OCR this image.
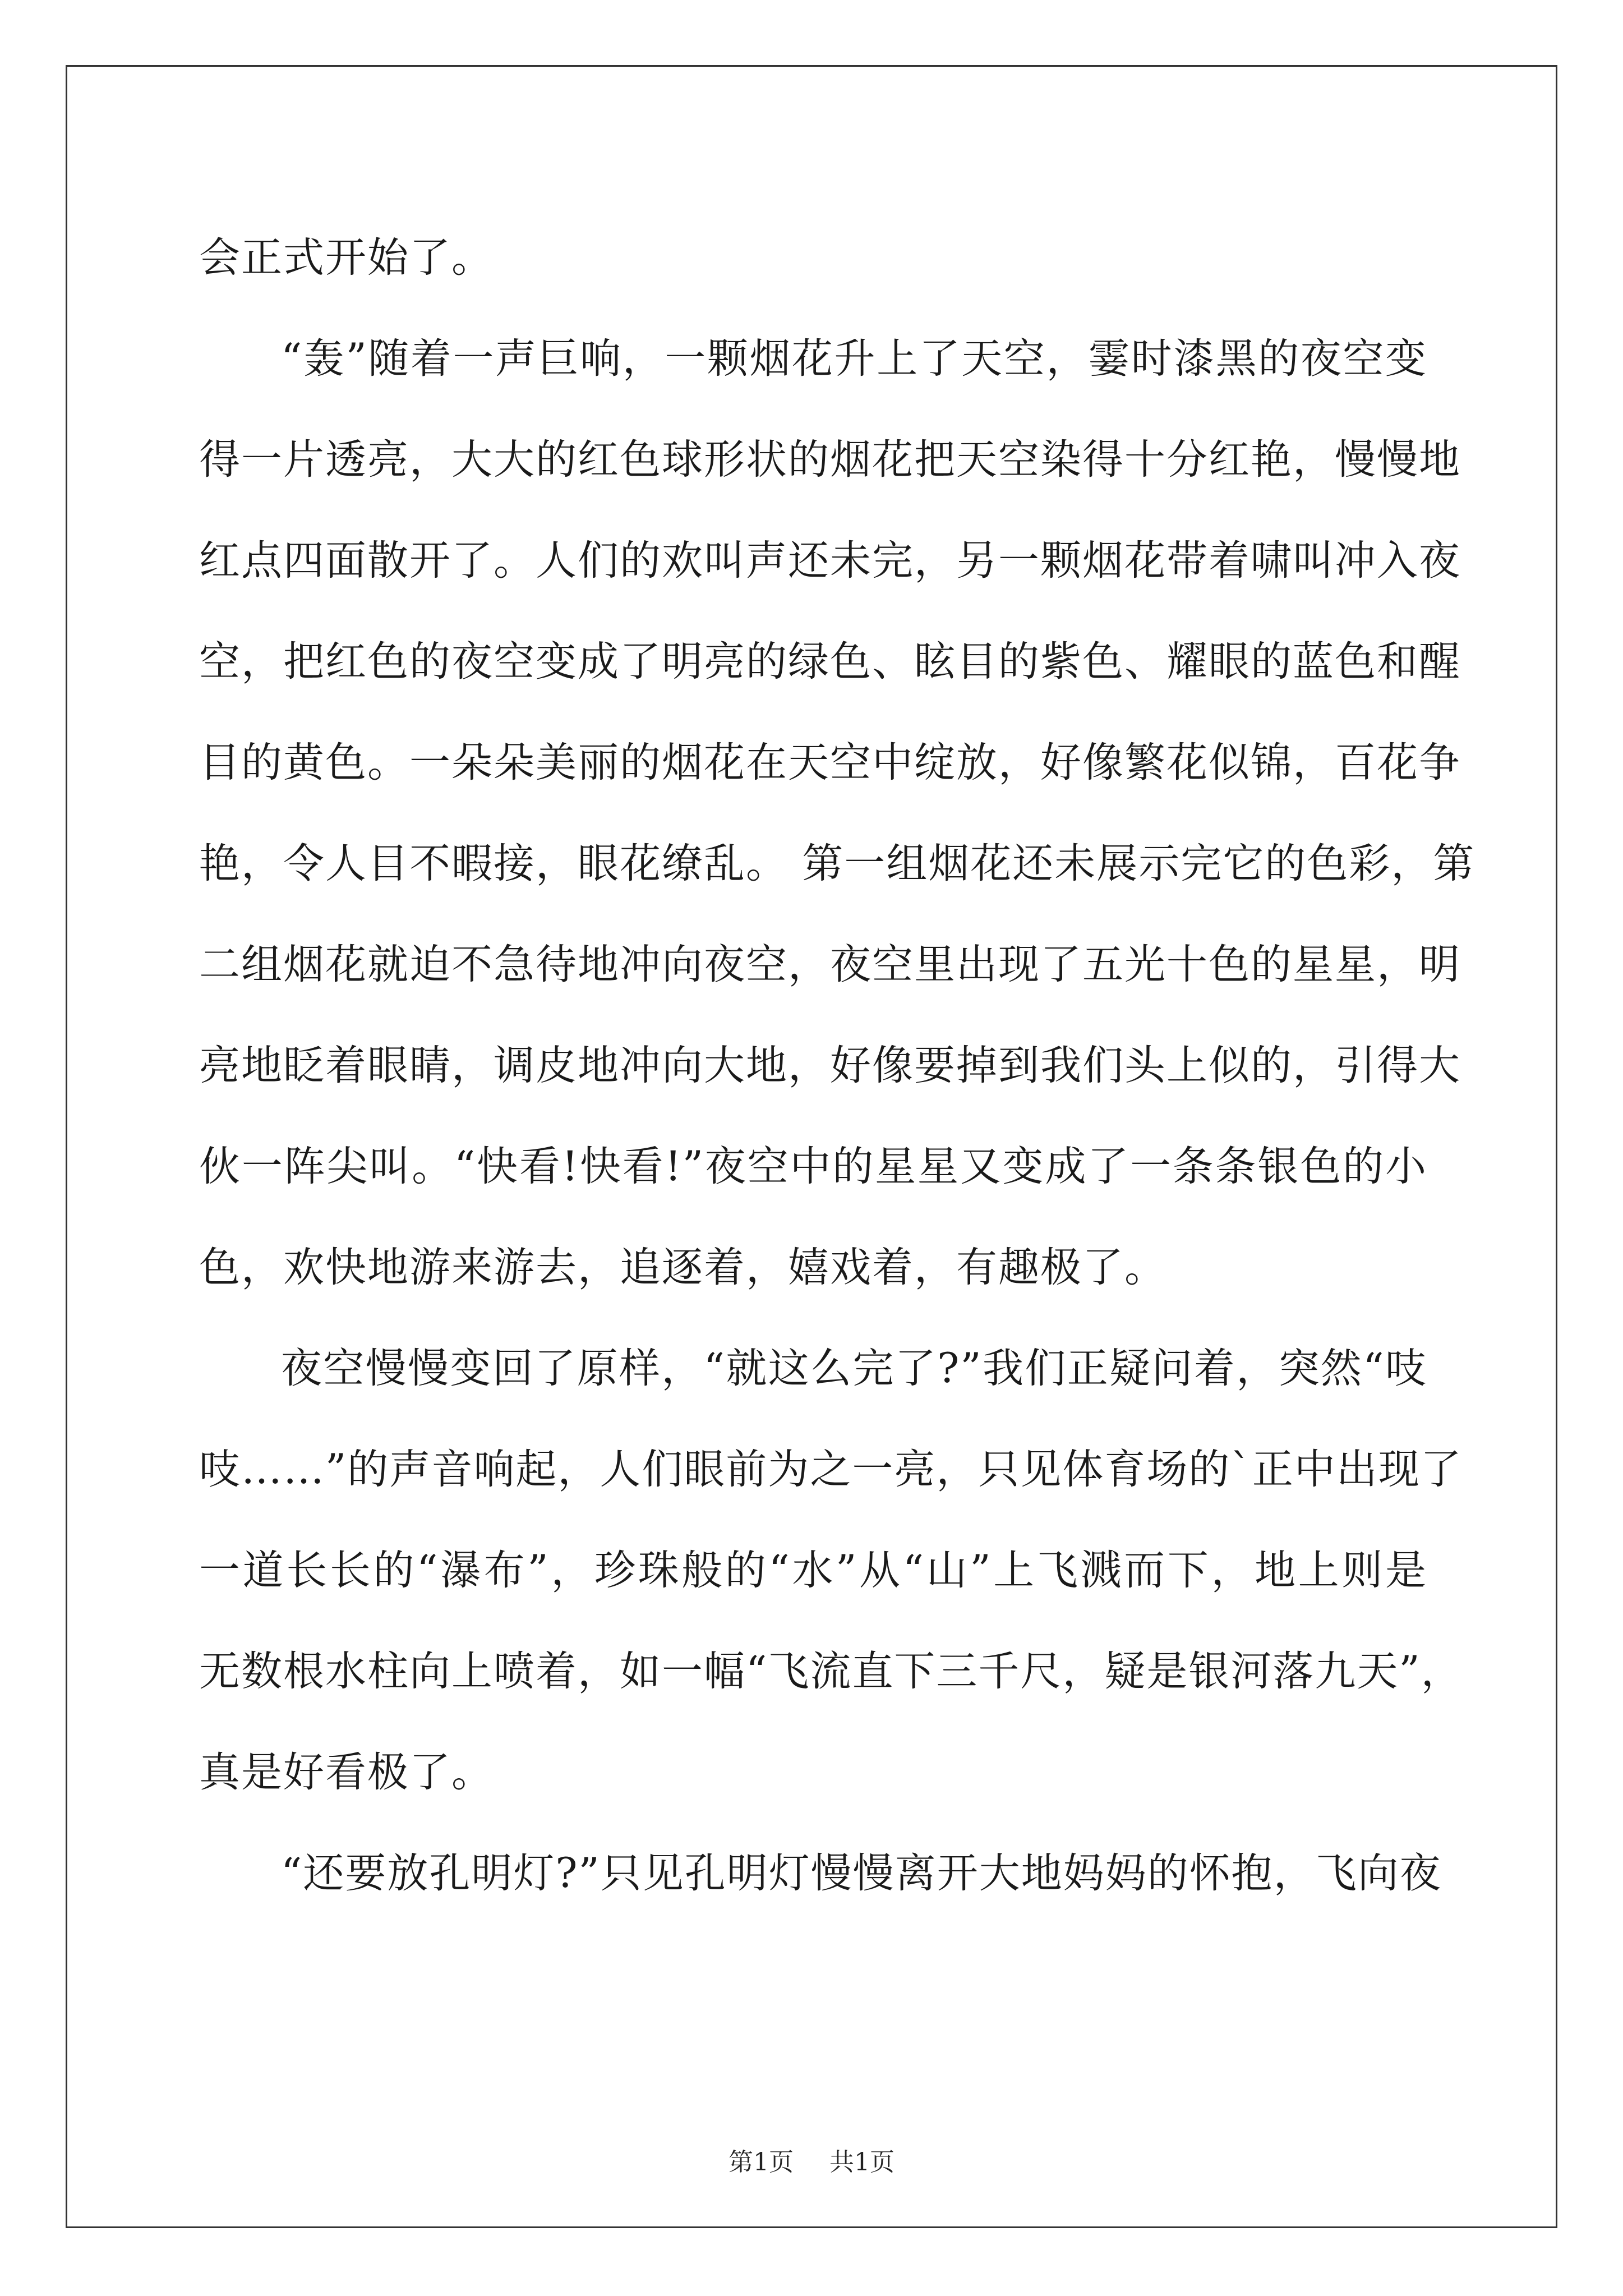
会正式开始了。
“轰”随着一声巨响，一颗烟花升上了天空，霎时漆黑的夜空变
得一片透亮，大大的红色球形状的烟花把天空染得十分红艳，慢慢地
红点四面散开了。人们的欢叫声还未完，另一颗烟花带着啸叫冲入夜
空，把红色的夜空变成了明亮的绿色、眩目的紫色、耀眼的蓝色和醒
目的黄色。一朵朵美丽的烟花在天空中绽放，好像繁花似锦，百花争
艳，令人目不暇接，眼花缭乱。 第一组烟花还未展示完它的色彩，第
二组烟花就迫不急待地冲向夜空，夜空里出现了五光十色的星星，明
亮地眨着眼睛，调皮地冲向大地，好像要掉到我们头上似的，引得大
伙一阵尖叫。“快看!快看!”夜空中的星星又变成了一条条银色的小
色，欢快地游来游去，追逐着，嬉戏着，有趣极了。
夜空慢慢变回了原样，“就这么完了?”我们正疑问着，突然“吱
吱……”的声音响起，人们眼前为之一亮，只见体育场的`正中出现了
一道长长的“瀑布”，珍珠般的“水”从“山”上飞溅而下，地上则是
无数根水柱向上喷着，如一幅“飞流直下三千尺，疑是银河落九天”，
真是好看极了。
“还要放孔明灯?”只见孔明灯慢慢离开大地妈妈的怀抱，飞向夜
第1页 共1页
